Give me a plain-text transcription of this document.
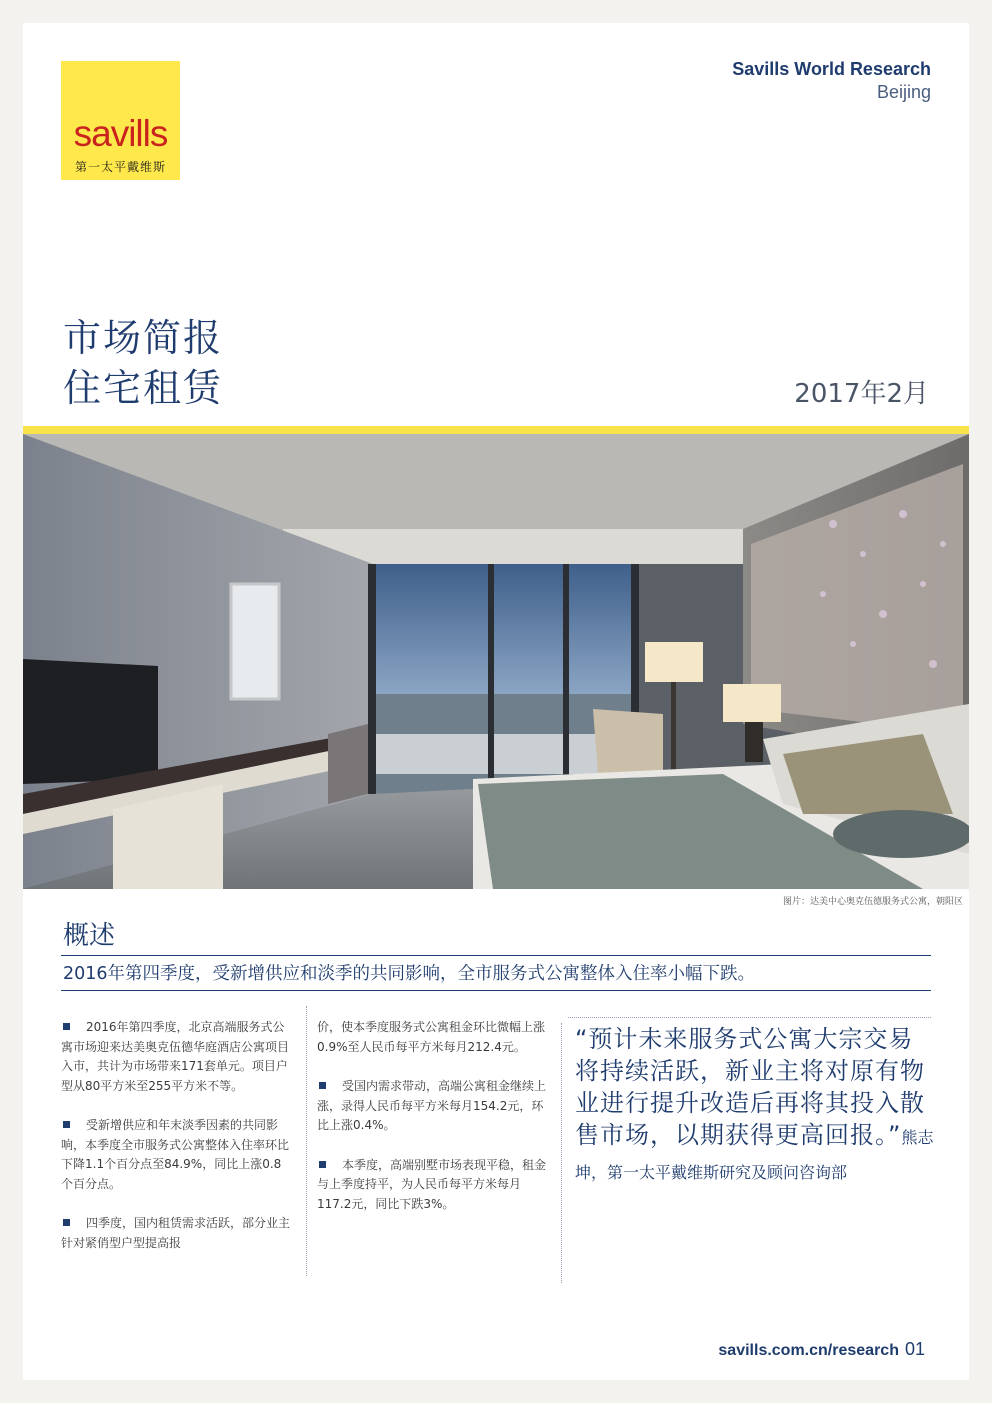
savills
第一太平戴维斯
Savills World Research
Beijing
市场简报
住宅租赁	2017年2月
图片：达美中心奥克伍德服务式公寓，朝阳区
概述
2016年第四季度，受新增供应和淡季的共同影响，全市服务式公寓整体入住率小幅下跌。

2016年第四季度，北京高端服务式公寓市场迎来达美奥克伍德华庭酒店公寓项目入市，共计为市场带来171套单元。项目户型从80平方米至255平方米不等。

受新增供应和年末淡季因素的共同影响，本季度全市服务式公寓整体入住率环比下降1.1个百分点至84.9%，同比上涨0.8个百分点。

四季度，国内租赁需求活跃，部分业主针对紧俏型户型提高报

价，使本季度服务式公寓租金环比微幅上涨0.9%至人民币每平方米每月212.4元。

受国内需求带动，高端公寓租金继续上涨，录得人民币每平方米每月154.2元，环比上涨0.4%。

本季度，高端别墅市场表现平稳，租金与上季度持平，为人民币每平方米每月117.2元，同比下跌3%。

“预计未来服务式公寓大宗交易将持续活跃，新业主将对原有物业进行提升改造后再将其投入散售市场，以期获得更高回报。”熊志坤，第一太平戴维斯研究及顾问咨询部
savills.com.cn/research 01
